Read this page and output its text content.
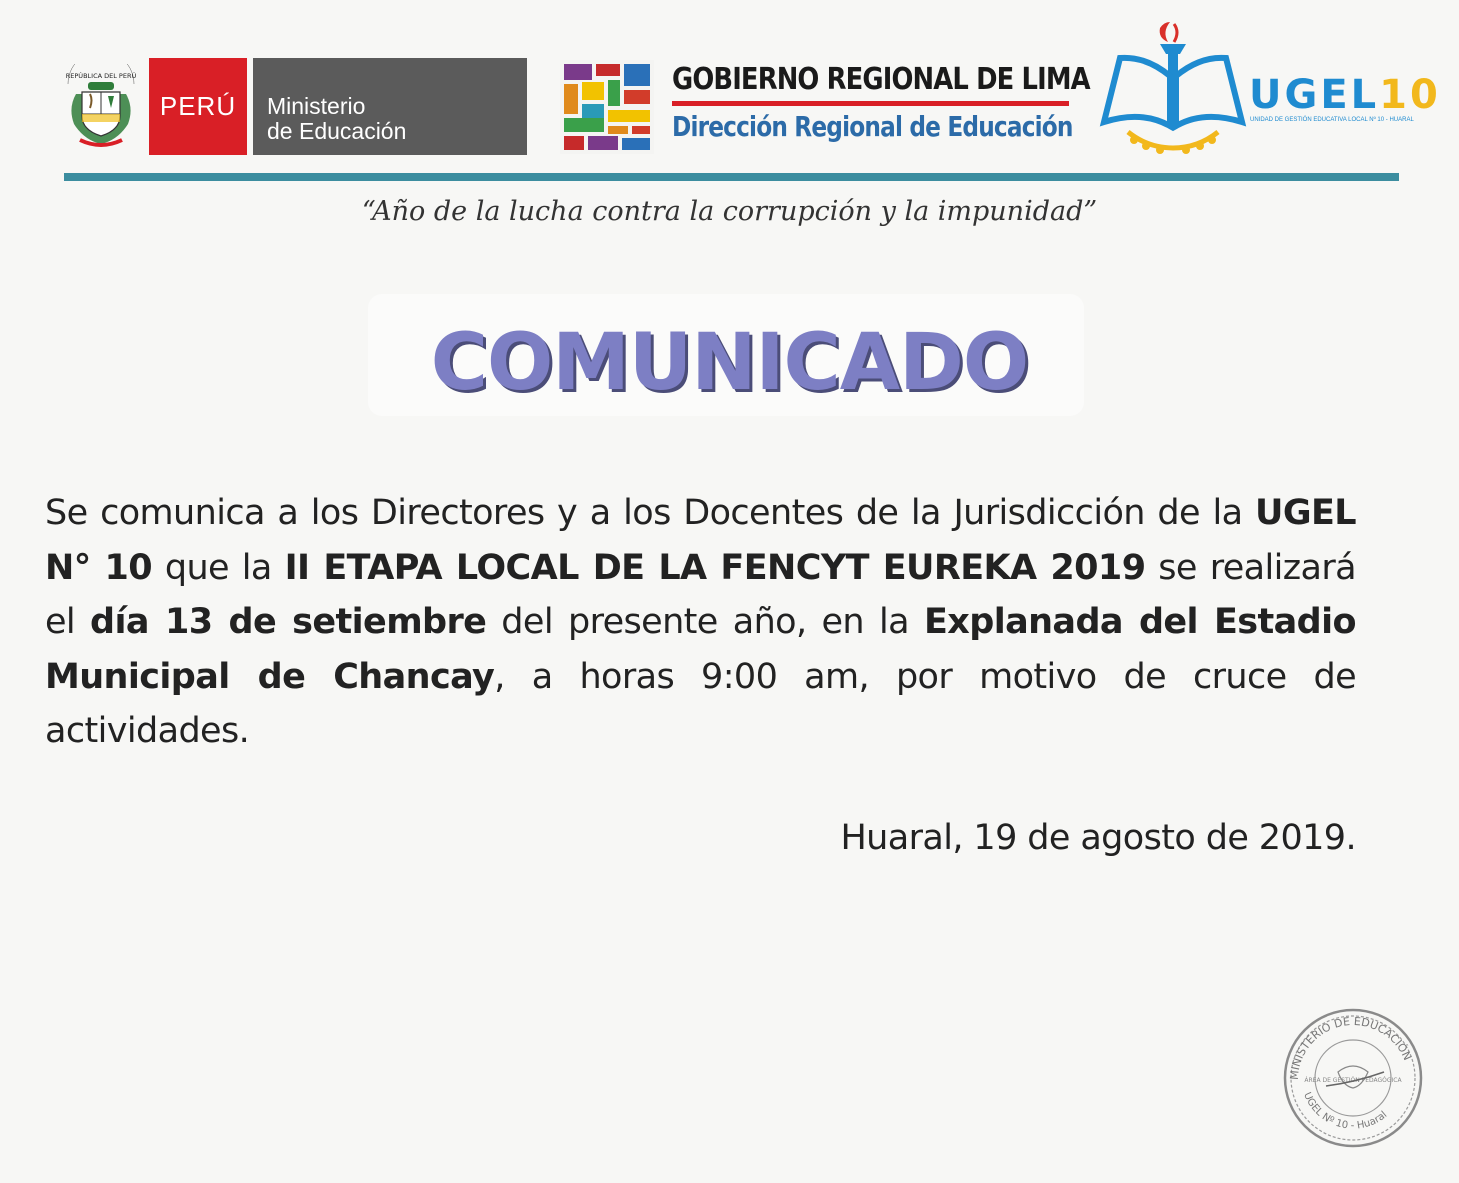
REPÚBLICA DEL PERÚ
PERÚ Ministerio
de Educación
GOBIERNO REGIONAL DE LIMA
Dirección Regional de Educación
UGEL10
UNIDAD DE GESTIÓN EDUCATIVA LOCAL Nº 10 - HUARAL
“Año de la lucha contra la corrupción y la impunidad”
COMUNICADO
Se comunica a los Directores y a los Docentes de la Jurisdicción de la UGEL N° 10 que la II ETAPA LOCAL DE LA FENCYT EUREKA 2019 se realizará el día 13 de setiembre del presente año, en la Explanada del Estadio Municipal de Chancay, a horas 9:00 am, por motivo de cruce de actividades.
Huaral, 19 de agosto de 2019.
MINISTERIO DE EDUCACIÓN
UGEL Nº 10 - Huaral
ÁREA DE GESTIÓN PEDAGÓGICA
